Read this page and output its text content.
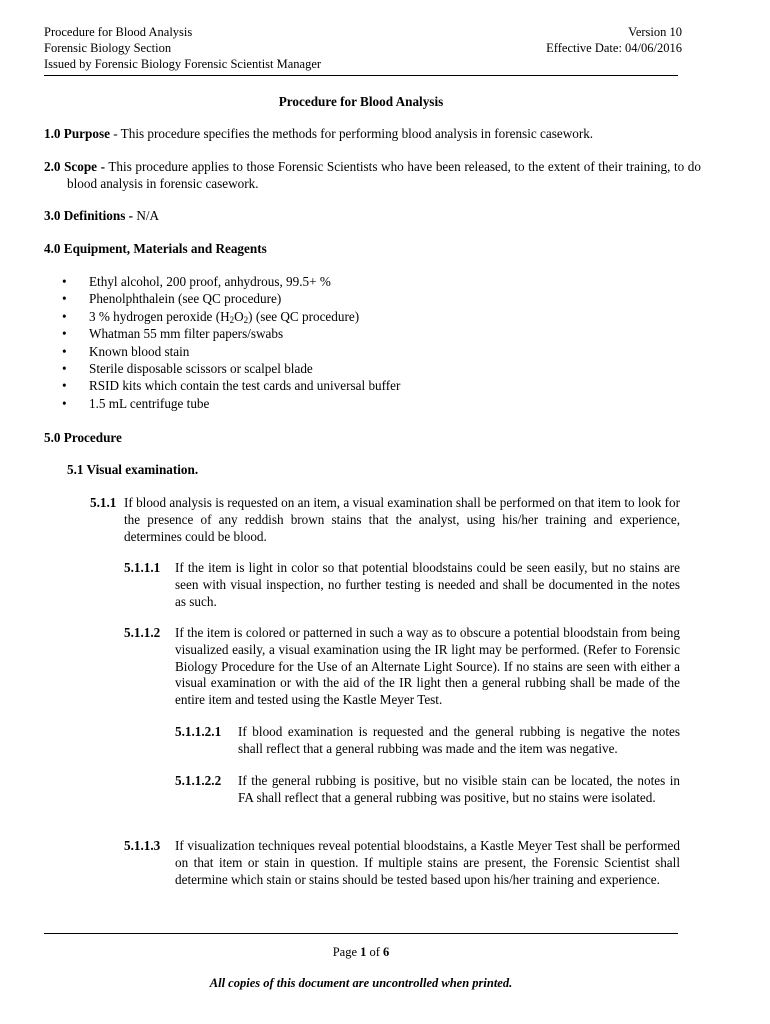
Procedure for Blood Analysis
Forensic Biology Section
Issued by Forensic Biology Forensic Scientist Manager
Version 10
Effective Date: 04/06/2016
Procedure for Blood Analysis
1.0 Purpose - This procedure specifies the methods for performing blood analysis in forensic casework.
2.0 Scope - This procedure applies to those Forensic Scientists who have been released, to the extent of their training, to do blood analysis in forensic casework.
3.0 Definitions - N/A
4.0 Equipment, Materials and Reagents
• Ethyl alcohol, 200 proof, anhydrous, 99.5+ %
• Phenolphthalein (see QC procedure)
• 3 % hydrogen peroxide $(H_2O_2)$ (see QC procedure)
• Whatman 55 mm filter papers/swabs
• Known blood stain
• Sterile disposable scissors or scalpel blade
• RSID kits which contain the test cards and universal buffer
• 1.5 mL centrifuge tube
5.0 Procedure
5.1 Visual examination.
5.1.1 If blood analysis is requested on an item, a visual examination shall be performed on that item to look for the presence of any reddish brown stains that the analyst, using his/her training and experience, determines could be blood.
5.1.1.1	If the item is light in color so that potential bloodstains could be seen easily, but no stains are seen with visual inspection, no further testing is needed and shall be documented in the notes as such.
5.1.1.2	If the item is colored or patterned in such a way as to obscure a potential bloodstain from being visualized easily, a visual examination using the IR light may be performed. (Refer to Forensic Biology Procedure for the Use of an Alternate Light Source). If no stains are seen with either a visual examination or with the aid of the IR light then a general rubbing shall be made of the entire item and tested using the Kastle Meyer Test.
5.1.1.2.1	If blood examination is requested and the general rubbing is negative the notes shall reflect that a general rubbing was made and the item was negative.
5.1.1.2.2	If the general rubbing is positive, but no visible stain can be located, the notes in FA shall reflect that a general rubbing was positive, but no stains were isolated.
5.1.1.3	If visualization techniques reveal potential bloodstains, a Kastle Meyer Test shall be performed on that item or stain in question. If multiple stains are present, the Forensic Scientist shall determine which stain or stains should be tested based upon his/her training and experience.
Page 1 of 6
All copies of this document are uncontrolled when printed.
